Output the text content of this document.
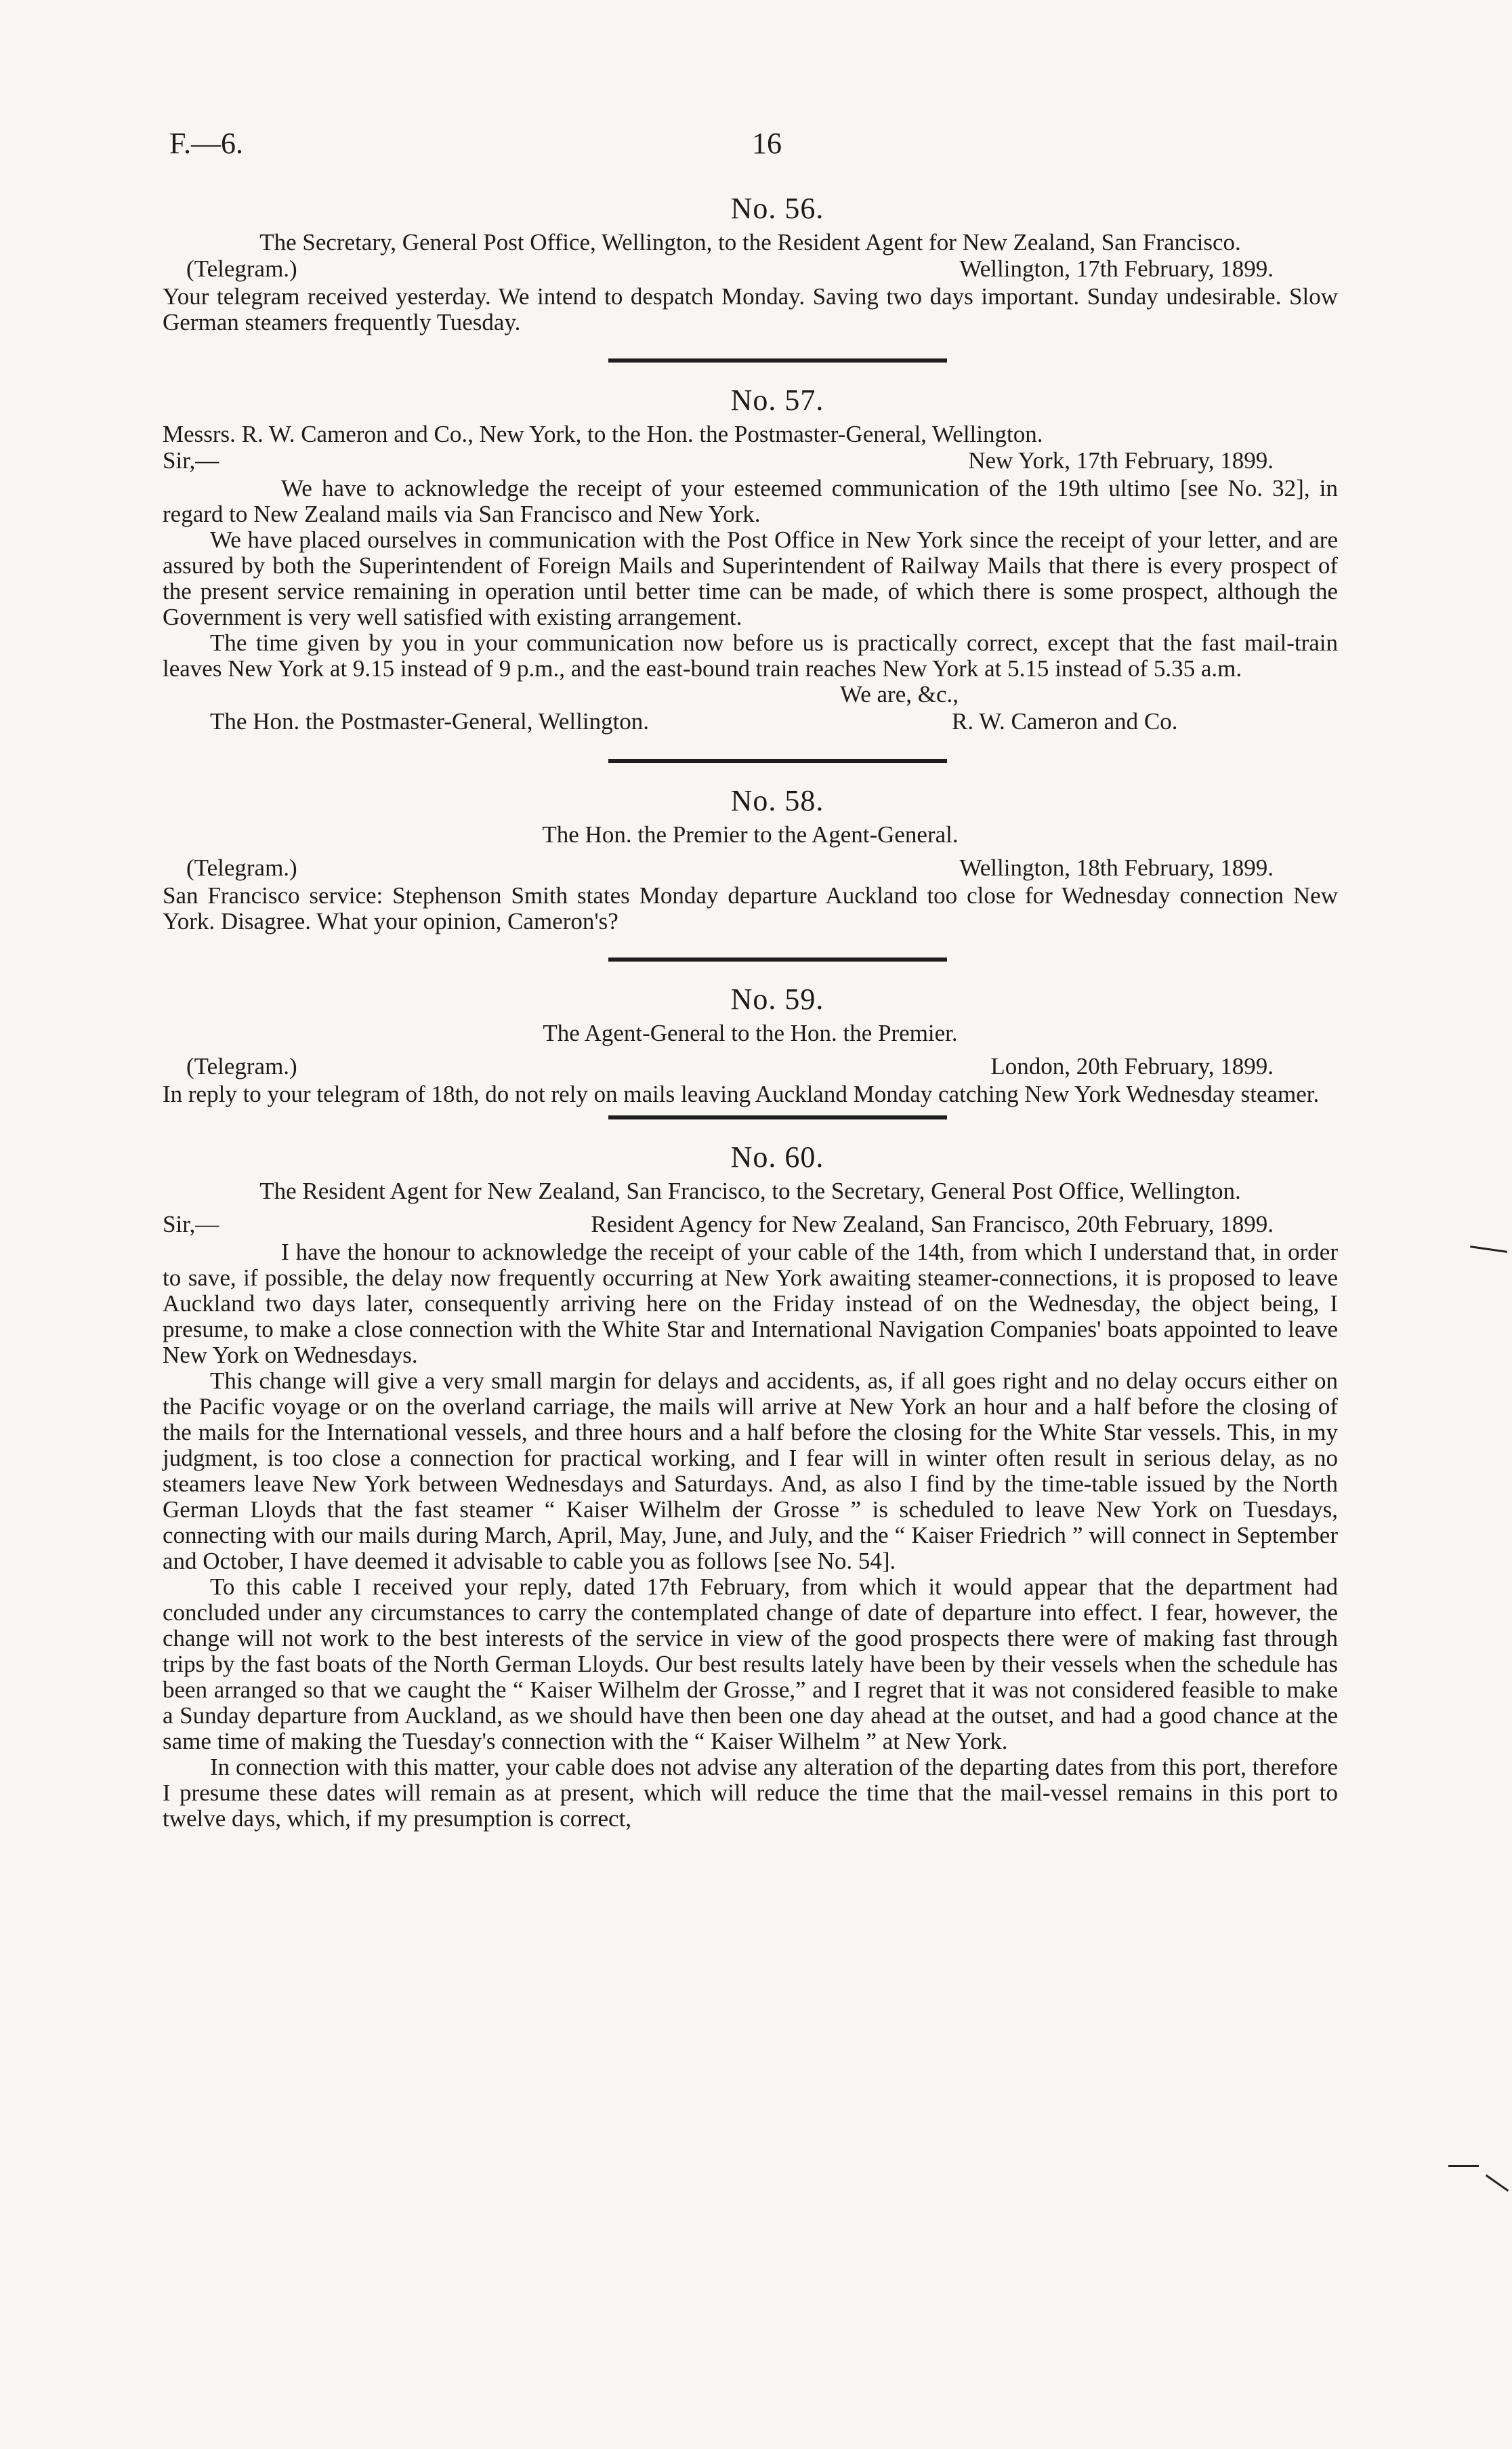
F.—6.	16
No. 56.

The Secretary, General Post Office, Wellington, to the Resident Agent for New Zealand, San Francisco.

(Telegram.)	Wellington, 17th February, 1899.

Your telegram received yesterday. We intend to despatch Monday. Saving two days important. Sunday undesirable. Slow German steamers frequently Tuesday.

No. 57.

Messrs. R. W. Cameron and Co., New York, to the Hon. the Postmaster-General, Wellington.

Sir,—	New York, 17th February, 1899.

We have to acknowledge the receipt of your esteemed communication of the 19th ultimo [see No. 32], in regard to New Zealand mails via San Francisco and New York.

We have placed ourselves in communication with the Post Office in New York since the receipt of your letter, and are assured by both the Superintendent of Foreign Mails and Superintendent of Railway Mails that there is every prospect of the present service remaining in operation until better time can be made, of which there is some prospect, although the Government is very well satisfied with existing arrangement.

The time given by you in your communication now before us is practically correct, except that the fast mail-train leaves New York at 9.15 instead of 9 p.m., and the east-bound train reaches New York at 5.15 instead of 5.35 a.m.

We are, &c.,
The Hon. the Postmaster-General, Wellington.	R. W. Cameron and Co.
No. 58.

The Hon. the Premier to the Agent-General.

(Telegram.)	Wellington, 18th February, 1899.

San Francisco service: Stephenson Smith states Monday departure Auckland too close for Wednesday connection New York. Disagree. What your opinion, Cameron's?

No. 59.

The Agent-General to the Hon. the Premier.

(Telegram.)	London, 20th February, 1899.

In reply to your telegram of 18th, do not rely on mails leaving Auckland Monday catching New York Wednesday steamer.

No. 60.

The Resident Agent for New Zealand, San Francisco, to the Secretary, General Post Office, Wellington.

Sir,—	Resident Agency for New Zealand, San Francisco, 20th February, 1899.

I have the honour to acknowledge the receipt of your cable of the 14th, from which I understand that, in order to save, if possible, the delay now frequently occurring at New York awaiting steamer-connections, it is proposed to leave Auckland two days later, consequently arriving here on the Friday instead of on the Wednesday, the object being, I presume, to make a close connection with the White Star and International Navigation Companies' boats appointed to leave New York on Wednesdays.

This change will give a very small margin for delays and accidents, as, if all goes right and no delay occurs either on the Pacific voyage or on the overland carriage, the mails will arrive at New York an hour and a half before the closing of the mails for the International vessels, and three hours and a half before the closing for the White Star vessels. This, in my judgment, is too close a connection for practical working, and I fear will in winter often result in serious delay, as no steamers leave New York between Wednesdays and Saturdays. And, as also I find by the time-table issued by the North German Lloyds that the fast steamer “ Kaiser Wilhelm der Grosse ” is scheduled to leave New York on Tuesdays, connecting with our mails during March, April, May, June, and July, and the “ Kaiser Friedrich ” will connect in September and October, I have deemed it advisable to cable you as follows [see No. 54].

To this cable I received your reply, dated 17th February, from which it would appear that the department had concluded under any circumstances to carry the contemplated change of date of departure into effect. I fear, however, the change will not work to the best interests of the service in view of the good prospects there were of making fast through trips by the fast boats of the North German Lloyds. Our best results lately have been by their vessels when the schedule has been arranged so that we caught the “ Kaiser Wilhelm der Grosse,” and I regret that it was not considered feasible to make a Sunday departure from Auckland, as we should have then been one day ahead at the outset, and had a good chance at the same time of making the Tuesday's connection with the “ Kaiser Wilhelm ” at New York.

In connection with this matter, your cable does not advise any alteration of the departing dates from this port, therefore I presume these dates will remain as at present, which will reduce the time that the mail-vessel remains in this port to twelve days, which, if my presumption is correct,
